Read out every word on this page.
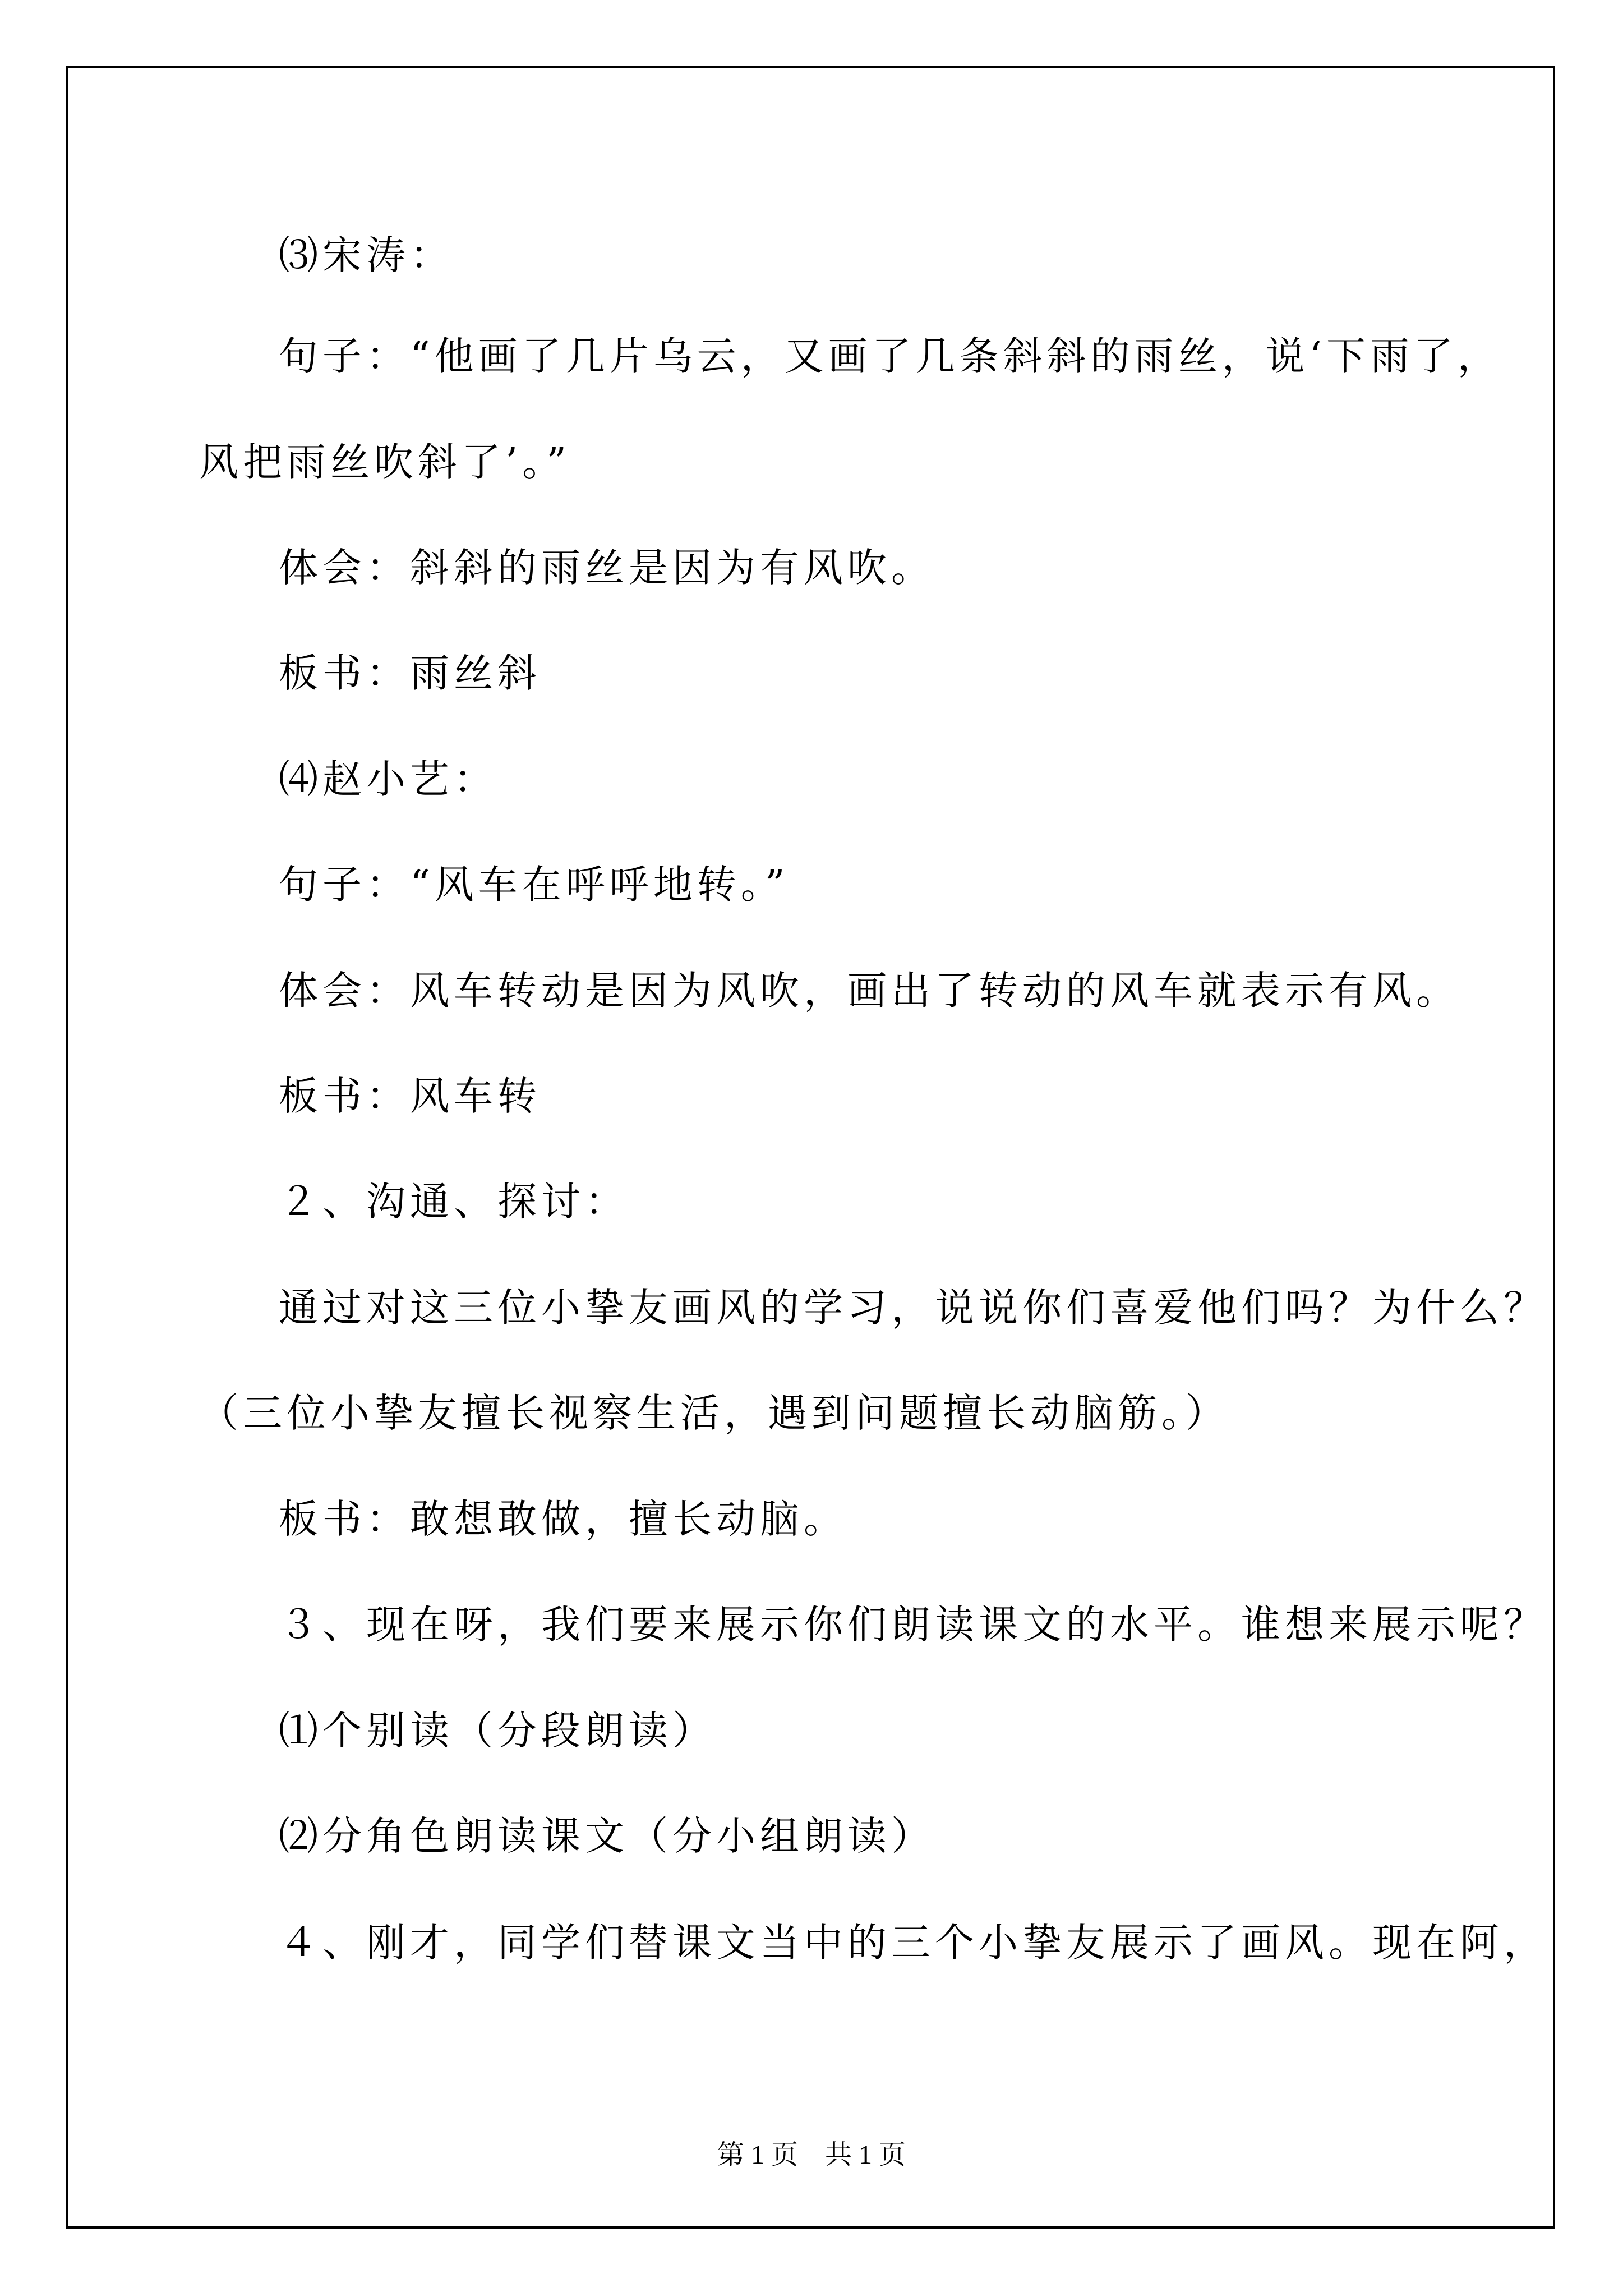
⑶宋涛：
句子：“他画了几片乌云，又画了几条斜斜的雨丝，说‘下雨了，
风把雨丝吹斜了’。”
体会：斜斜的雨丝是因为有风吹。
板书：雨丝斜
⑷赵小艺：
句子：“风车在呼呼地转。”
体会：风车转动是因为风吹，画出了转动的风车就表示有风。
板书：风车转
２、沟通、探讨：
通过对这三位小挚友画风的学习，说说你们喜爱他们吗？为什么？
（三位小挚友擅长视察生活，遇到问题擅长动脑筋。）
板书：敢想敢做，擅长动脑。
３、现在呀，我们要来展示你们朗读课文的水平。谁想来展示呢？
⑴个别读（分段朗读）
⑵分角色朗读课文（分小组朗读）
４、刚才，同学们替课文当中的三个小挚友展示了画风。现在阿，
第 1 页    共 1 页
